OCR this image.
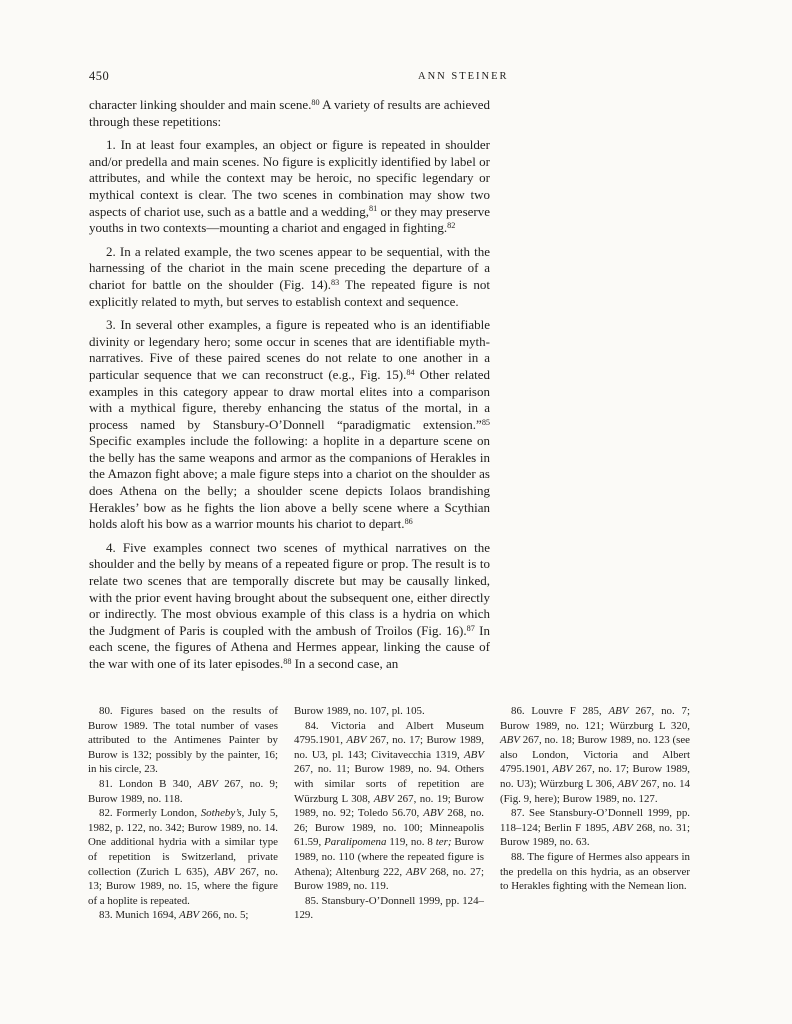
450	ANN STEINER

character linking shoulder and main scene.$^{80}$ A variety of results are achieved through these repetitions:

1. In at least four examples, an object or figure is repeated in shoulder and/or predella and main scenes. No figure is explicitly identified by label or attributes, and while the context may be heroic, no specific legendary or mythical context is clear. The two scenes in combination may show two aspects of chariot use, such as a battle and a wedding,$^{81}$ or they may preserve youths in two contexts—mounting a chariot and engaged in fighting.$^{82}$

2. In a related example, the two scenes appear to be sequential, with the harnessing of the chariot in the main scene preceding the departure of a chariot for battle on the shoulder (Fig. 14).$^{83}$ The repeated figure is not explicitly related to myth, but serves to establish context and sequence.

3. In several other examples, a figure is repeated who is an identifiable divinity or legendary hero; some occur in scenes that are identifiable myth-narratives. Five of these paired scenes do not relate to one another in a particular sequence that we can reconstruct (e.g., Fig. 15).$^{84}$ Other related examples in this category appear to draw mortal elites into a comparison with a mythical figure, thereby enhancing the status of the mortal, in a process named by Stansbury-O’Donnell “paradigmatic extension.”$^{85}$ Specific examples include the following: a hoplite in a departure scene on the belly has the same weapons and armor as the companions of Herakles in the Amazon fight above; a male figure steps into a chariot on the shoulder as does Athena on the belly; a shoulder scene depicts Iolaos brandishing Herakles’ bow as he fights the lion above a belly scene where a Scythian holds aloft his bow as a warrior mounts his chariot to depart.$^{86}$

4. Five examples connect two scenes of mythical narratives on the shoulder and the belly by means of a repeated figure or prop. The result is to relate two scenes that are temporally discrete but may be causally linked, with the prior event having brought about the subsequent one, either directly or indirectly. The most obvious example of this class is a hydria on which the Judgment of Paris is coupled with the ambush of Troilos (Fig. 16).$^{87}$ In each scene, the figures of Athena and Hermes appear, linking the cause of the war with one of its later episodes.$^{88}$ In a second case, an

80. Figures based on the results of Burow 1989. The total number of vases attributed to the Antimenes Painter by Burow is 132; possibly by the painter, 16; in his circle, 23.

81. London B 340, ABV 267, no. 9; Burow 1989, no. 118.

82. Formerly London, Sotheby’s, July 5, 1982, p. 122, no. 342; Burow 1989, no. 14. One additional hydria with a similar type of repetition is Switzerland, private collection (Zurich L 635), ABV 267, no. 13; Burow 1989, no. 15, where the figure of a hoplite is repeated.

83. Munich 1694, ABV 266, no. 5;

Burow 1989, no. 107, pl. 105.

84. Victoria and Albert Museum 4795.1901, ABV 267, no. 17; Burow 1989, no. U3, pl. 143; Civitavecchia 1319, ABV 267, no. 11; Burow 1989, no. 94. Others with similar sorts of repetition are Würzburg L 308, ABV 267, no. 19; Burow 1989, no. 92; Toledo 56.70, ABV 268, no. 26; Burow 1989, no. 100; Minneapolis 61.59, Paralipomena 119, no. 8 ter; Burow 1989, no. 110 (where the repeated figure is Athena); Altenburg 222, ABV 268, no. 27; Burow 1989, no. 119.

85. Stansbury-O’Donnell 1999, pp. 124–129.

86. Louvre F 285, ABV 267, no. 7; Burow 1989, no. 121; Würzburg L 320, ABV 267, no. 18; Burow 1989, no. 123 (see also London, Victoria and Albert 4795.1901, ABV 267, no. 17; Burow 1989, no. U3); Würzburg L 306, ABV 267, no. 14 (Fig. 9, here); Burow 1989, no. 127.

87. See Stansbury-O’Donnell 1999, pp. 118–124; Berlin F 1895, ABV 268, no. 31; Burow 1989, no. 63.

88. The figure of Hermes also appears in the predella on this hydria, as an observer to Herakles fighting with the Nemean lion.
